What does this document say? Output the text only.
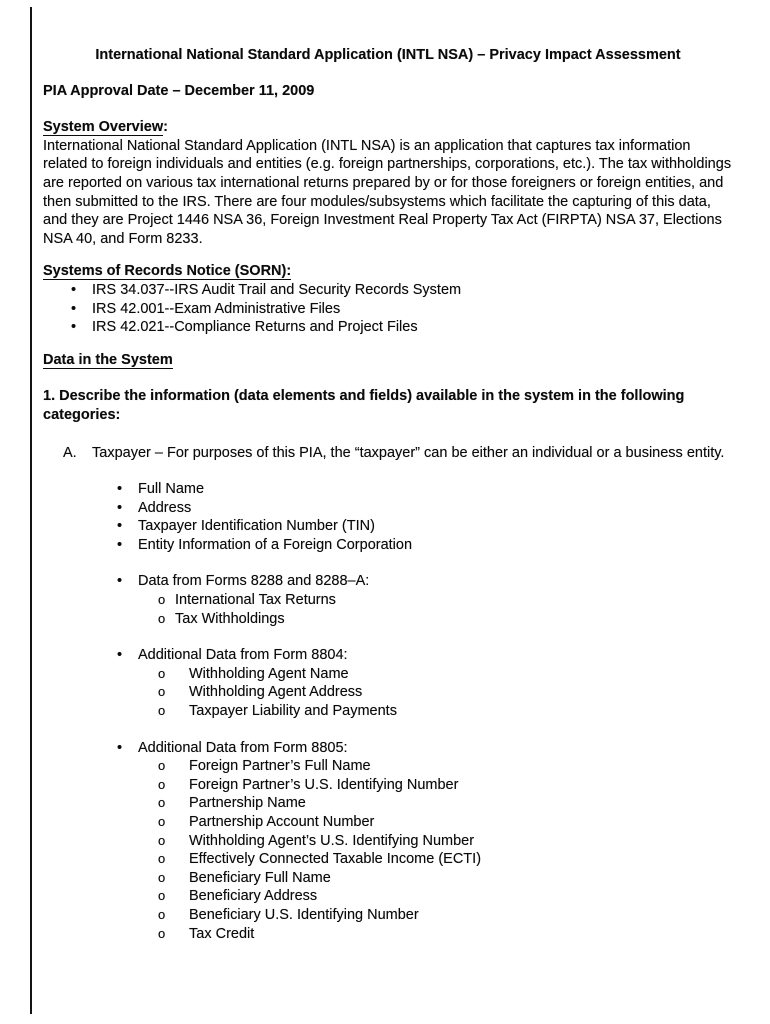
International National Standard Application (INTL NSA) – Privacy Impact Assessment
PIA Approval Date – December 11, 2009
System Overview:

International National Standard Application (INTL NSA) is an application that captures tax information related to foreign individuals and entities (e.g. foreign partnerships, corporations, etc.). The tax withholdings are reported on various tax international returns prepared by or for those foreigners or foreign entities, and then submitted to the IRS. There are four modules/subsystems which facilitate the capturing of this data, and they are Project 1446 NSA 36, Foreign Investment Real Property Tax Act (FIRPTA) NSA 37, Elections NSA 40, and Form 8233.

Systems of Records Notice (SORN):
• IRS 34.037--IRS Audit Trail and Security Records System
• IRS 42.001--Exam Administrative Files
• IRS 42.021--Compliance Returns and Project Files
Data in the System
1. Describe the information (data elements and fields) available in the system in the following categories:
A. Taxpayer – For purposes of this PIA, the “taxpayer” can be either an individual or a business entity.
• Full Name
• Address
• Taxpayer Identification Number (TIN)
• Entity Information of a Foreign Corporation
• Data from Forms 8288 and 8288–A:
o International Tax Returns
o Tax Withholdings
• Additional Data from Form 8804:
o	Withholding Agent Name
o	Withholding Agent Address
o	Taxpayer Liability and Payments
• Additional Data from Form 8805:
o	Foreign Partner’s Full Name
o	Foreign Partner’s U.S. Identifying Number
o	Partnership Name
o	Partnership Account Number
o	Withholding Agent’s U.S. Identifying Number
o	Effectively Connected Taxable Income (ECTI)
o	Beneficiary Full Name
o	Beneficiary Address
o	Beneficiary U.S. Identifying Number
o	Tax Credit
